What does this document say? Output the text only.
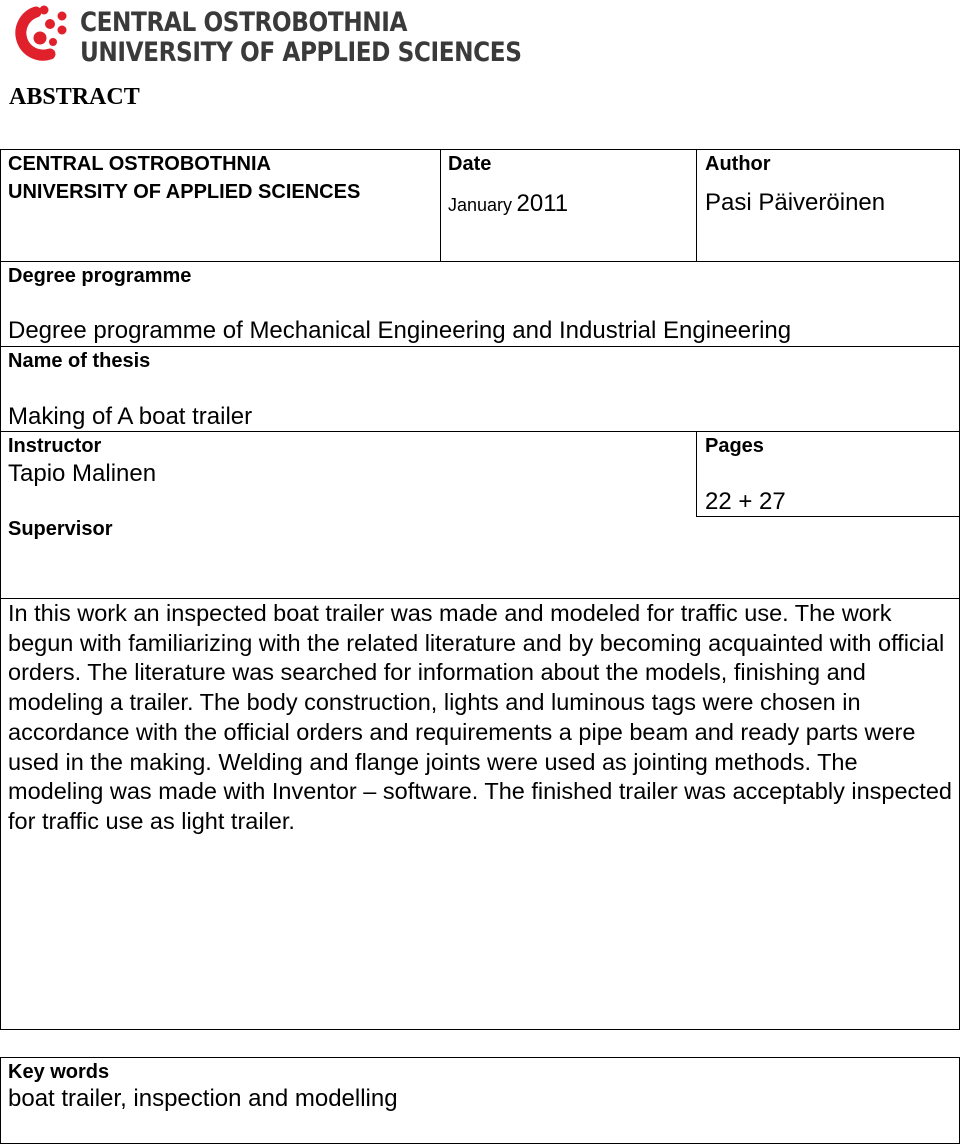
CENTRAL OSTROBOTHNIA
UNIVERSITY OF APPLIED SCIENCES
ABSTRACT
CENTRAL OSTROBOTHNIA
UNIVERSITY OF APPLIED SCIENCES
Date
January 2011
Author
Pasi Päiveröinen
Degree programme
Degree programme of Mechanical Engineering and Industrial Engineering
Name of thesis
Making of A boat trailer
Instructor
Tapio Malinen
Supervisor
Pages
22 + 27
In this work an inspected boat trailer was made and modeled for traffic use. The work begun with familiarizing with the related literature and by becoming acquainted with official orders. The literature was searched for information about the models, finishing and modeling a trailer. The body construction, lights and luminous tags were chosen in accordance with the official orders and requirements a pipe beam and ready parts were used in the making. Welding and flange joints were used as jointing methods. The modeling was made with Inventor – software. The finished trailer was acceptably inspected for traffic use as light trailer.
Key words
boat trailer, inspection and modelling
